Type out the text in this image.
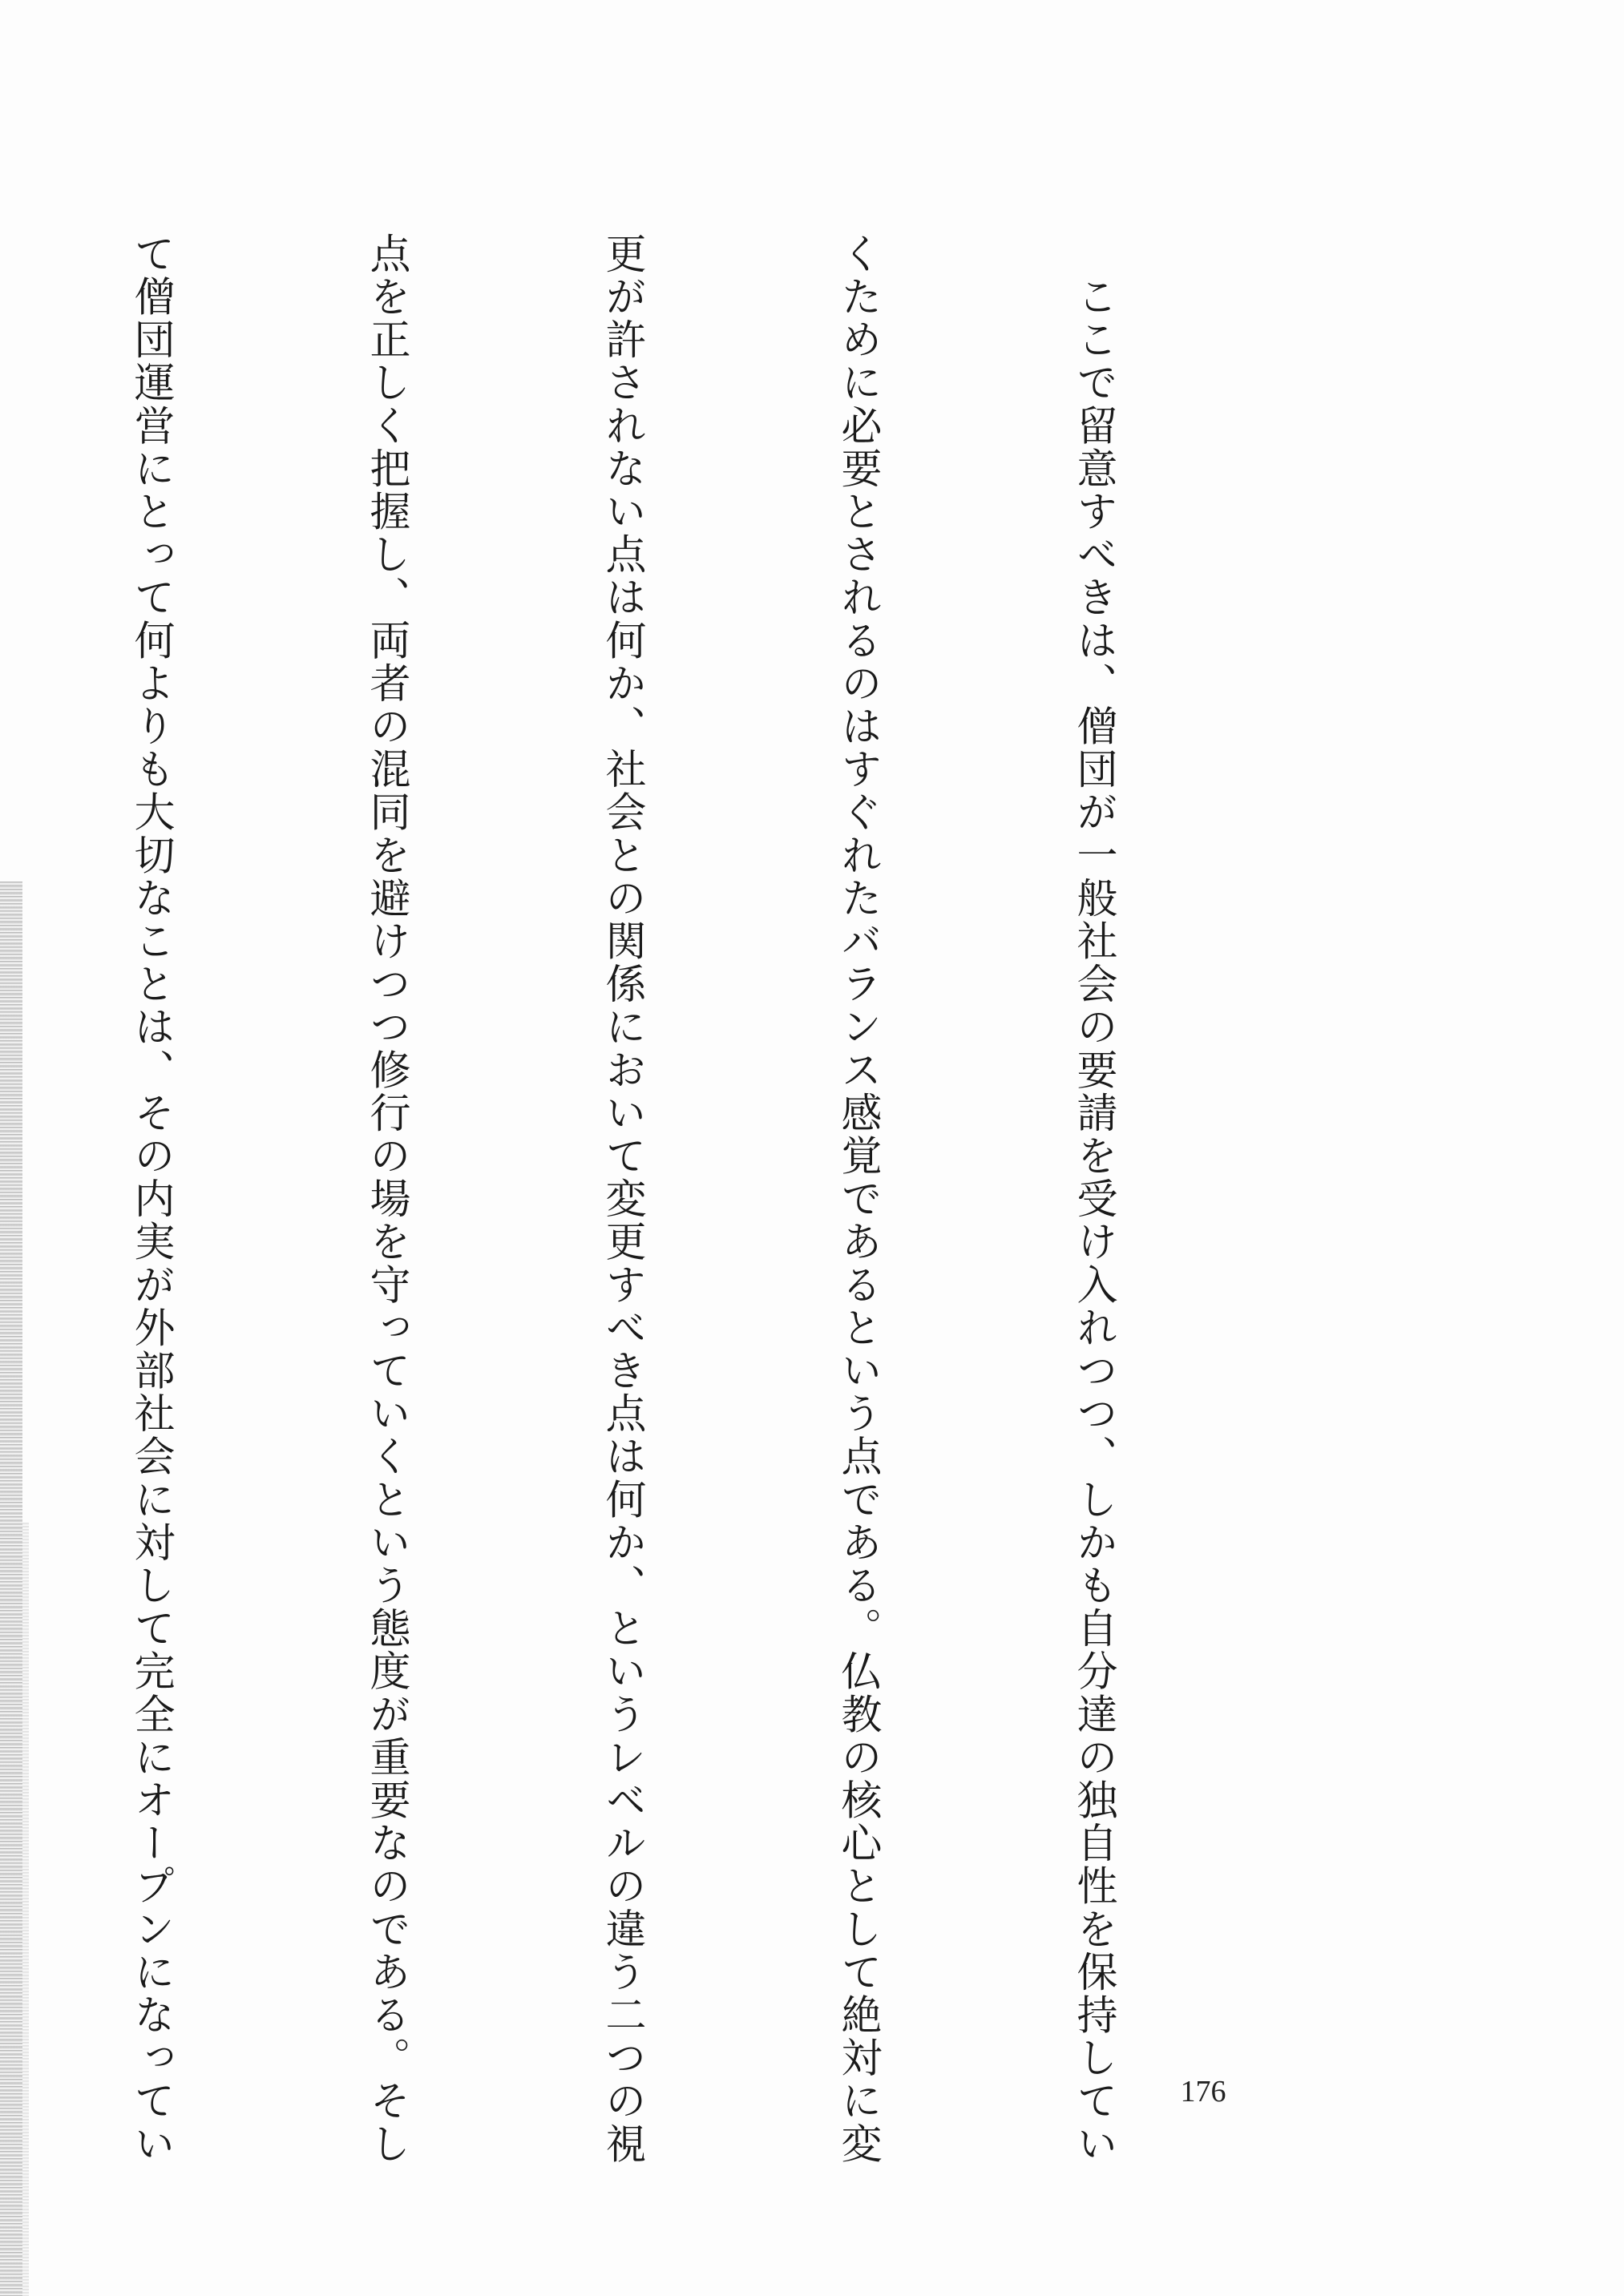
　ここで留意すべきは、僧団が一般社会の要請を受け入れつつ、しかも自分達の独自性を保持してい

くために必要とされるのはすぐれたバランス感覚であるという点である。仏教の核心として絶対に変

更が許されない点は何か、社会との関係において変更すべき点は何か、というレベルの違う二つの視

点を正しく把握し、両者の混同を避けつつ修行の場を守っていくという態度が重要なのである。そし

て僧団運営にとって何よりも大切なことは、その内実が外部社会に対して完全にオープンになってい

	176
